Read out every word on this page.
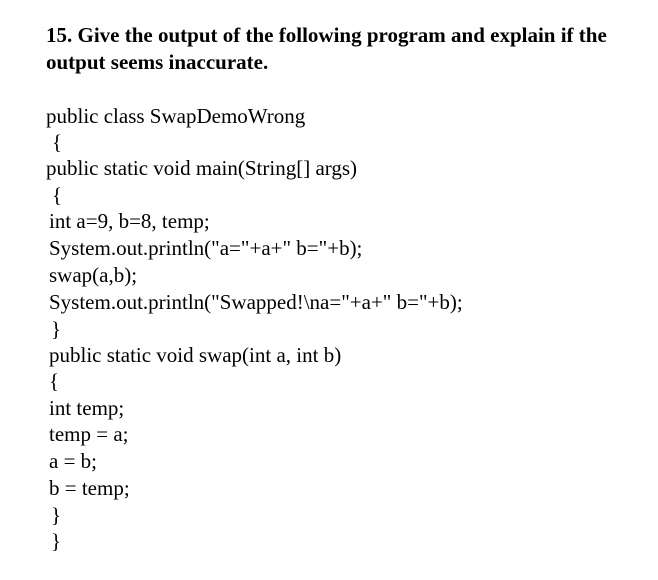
15. Give the output of the following program and explain if the output seems inaccurate.

public class SwapDemoWrong
{
public static void main(String[] args)
{
int a=9, b=8, temp;
System.out.println("a="+a+" b="+b);
swap(a,b);
System.out.println("Swapped!\na="+a+" b="+b);
}
public static void swap(int a, int b)
{
int temp;
temp = a;
a = b;
b = temp;
}
}
